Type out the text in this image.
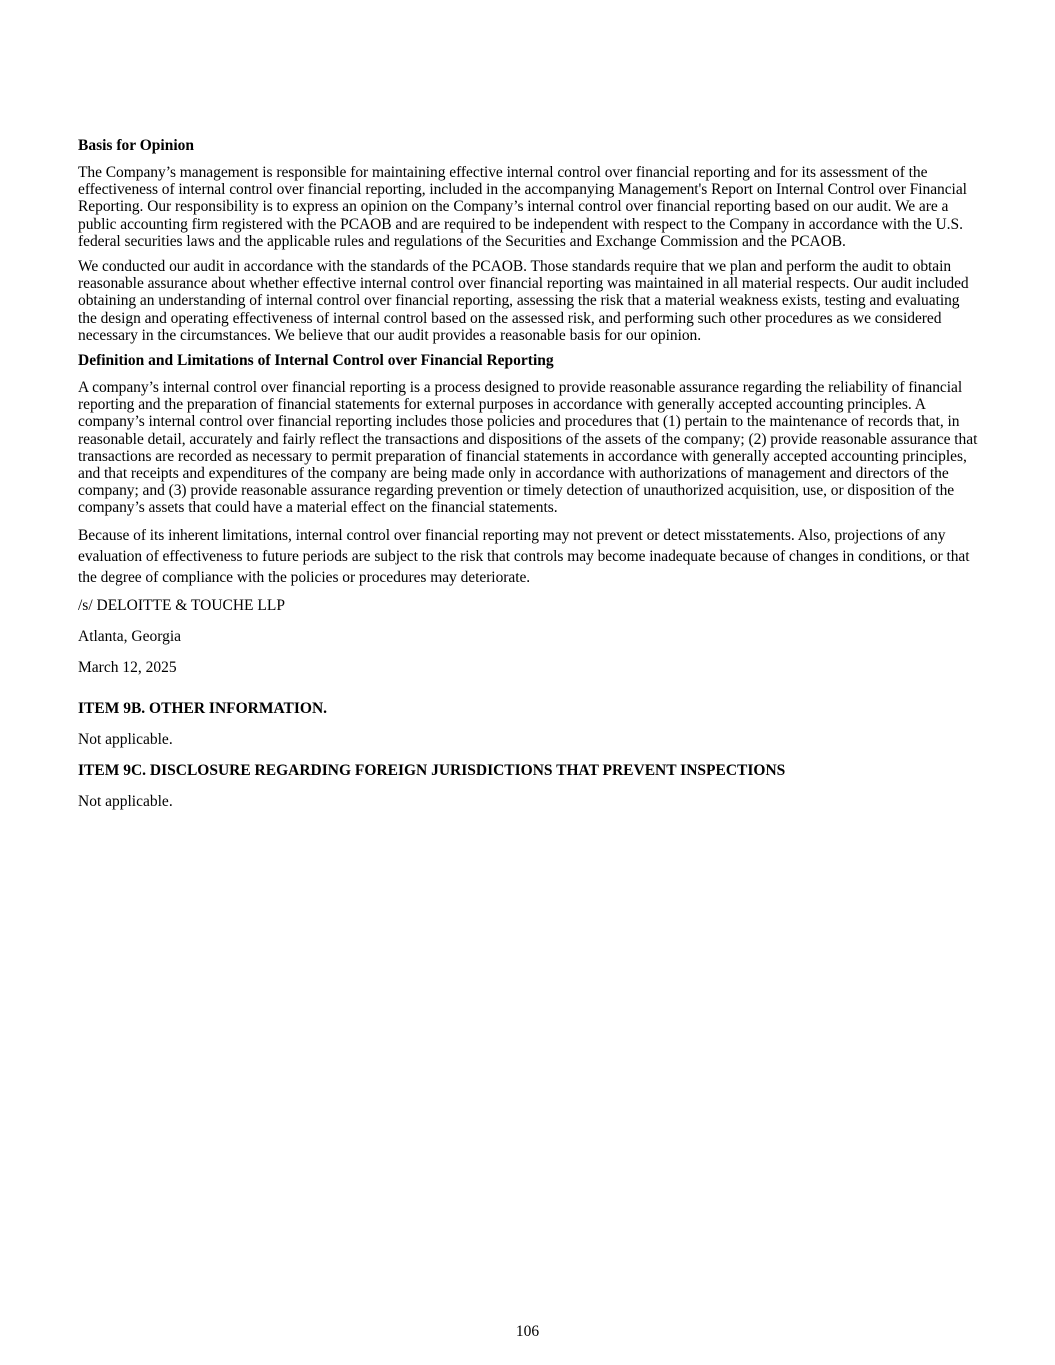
Basis for Opinion

The Company’s management is responsible for maintaining effective internal control over financial reporting and for its assessment of the effectiveness of internal control over financial reporting, included in the accompanying Management's Report on Internal Control over Financial Reporting. Our responsibility is to express an opinion on the Company’s internal control over financial reporting based on our audit. We are a public accounting firm registered with the PCAOB and are required to be independent with respect to the Company in accordance with the U.S. federal securities laws and the applicable rules and regulations of the Securities and Exchange Commission and the PCAOB.

We conducted our audit in accordance with the standards of the PCAOB. Those standards require that we plan and perform the audit to obtain reasonable assurance about whether effective internal control over financial reporting was maintained in all material respects. Our audit included obtaining an understanding of internal control over financial reporting, assessing the risk that a material weakness exists, testing and evaluating the design and operating effectiveness of internal control based on the assessed risk, and performing such other procedures as we considered necessary in the circumstances. We believe that our audit provides a reasonable basis for our opinion.

Definition and Limitations of Internal Control over Financial Reporting

A company’s internal control over financial reporting is a process designed to provide reasonable assurance regarding the reliability of financial reporting and the preparation of financial statements for external purposes in accordance with generally accepted accounting principles. A company’s internal control over financial reporting includes those policies and procedures that (1) pertain to the maintenance of records that, in reasonable detail, accurately and fairly reflect the transactions and dispositions of the assets of the company; (2) provide reasonable assurance that transactions are recorded as necessary to permit preparation of financial statements in accordance with generally accepted accounting principles, and that receipts and expenditures of the company are being made only in accordance with authorizations of management and directors of the company; and (3) provide reasonable assurance regarding prevention or timely detection of unauthorized acquisition, use, or disposition of the company’s assets that could have a material effect on the financial statements.

Because of its inherent limitations, internal control over financial reporting may not prevent or detect misstatements. Also, projections of any evaluation of effectiveness to future periods are subject to the risk that controls may become inadequate because of changes in conditions, or that the degree of compliance with the policies or procedures may deteriorate.

/s/ DELOITTE & TOUCHE LLP
Atlanta, Georgia
March 12, 2025
ITEM 9B. OTHER INFORMATION.
Not applicable.
ITEM 9C. DISCLOSURE REGARDING FOREIGN JURISDICTIONS THAT PREVENT INSPECTIONS
Not applicable.
106
